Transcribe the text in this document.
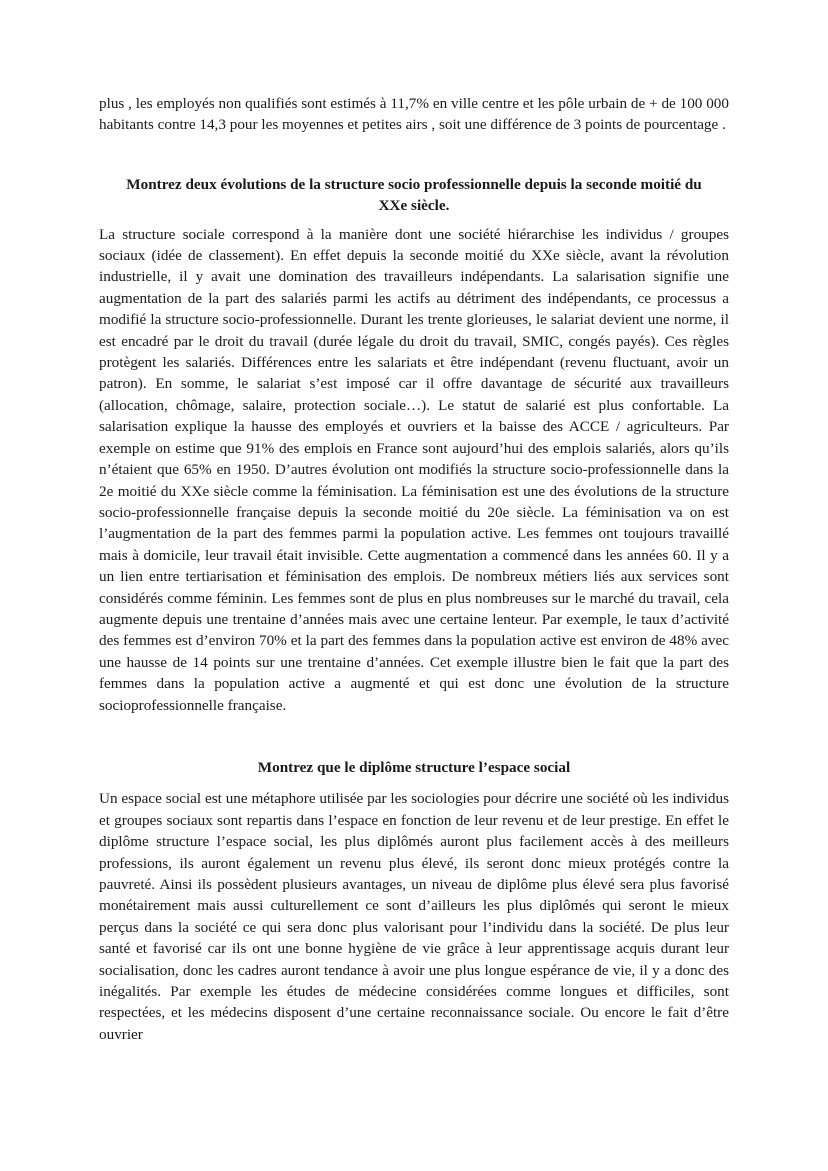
plus , les employés non qualifiés sont estimés à 11,7% en ville centre et les pôle urbain de + de 100 000 habitants contre 14,3 pour les moyennes et petites airs , soit une différence de 3 points de pourcentage .

Montrez deux évolutions de la structure socio professionnelle depuis la seconde moitié du XXe siècle.

La structure sociale correspond à la manière dont une société hiérarchise les individus / groupes sociaux (idée de classement). En effet depuis la seconde moitié du XXe siècle, avant la révolution industrielle, il y avait une domination des travailleurs indépendants. La salarisation signifie une augmentation de la part des salariés parmi les actifs au détriment des indépendants, ce processus a modifié la structure socio-professionnelle. Durant les trente glorieuses, le salariat devient une norme, il est encadré par le droit du travail (durée légale du droit du travail, SMIC, congés payés). Ces règles protègent les salariés. Différences entre les salariats et être indépendant (revenu fluctuant, avoir un patron). En somme, le salariat s’est imposé car il offre davantage de sécurité aux travailleurs (allocation, chômage, salaire, protection sociale…). Le statut de salarié est plus confortable. La salarisation explique la hausse des employés et ouvriers et la baisse des ACCE / agriculteurs. Par exemple on estime que 91% des emplois en France sont aujourd’hui des emplois salariés, alors qu’ils n’étaient que 65% en 1950. D’autres évolution ont modifiés la structure socio-professionnelle dans la 2e moitié du XXe siècle comme la féminisation. La féminisation est une des évolutions de la structure socio-professionnelle française depuis la seconde moitié du 20e siècle. La féminisation va on est l’augmentation de la part des femmes parmi la population active. Les femmes ont toujours travaillé mais à domicile, leur travail était invisible. Cette augmentation a commencé dans les années 60. Il y a un lien entre tertiarisation et féminisation des emplois. De nombreux métiers liés aux services sont considérés comme féminin. Les femmes sont de plus en plus nombreuses sur le marché du travail, cela augmente depuis une trentaine d’années mais avec une certaine lenteur. Par exemple, le taux d’activité des femmes est d’environ 70% et la part des femmes dans la population active est environ de 48% avec une hausse de 14 points sur une trentaine d’années. Cet exemple illustre bien le fait que la part des femmes dans la population active a augmenté et qui est donc une évolution de la structure socioprofessionnelle française.

Montrez que le diplôme structure l’espace social

Un espace social est une métaphore utilisée par les sociologies pour décrire une société où les individus et groupes sociaux sont repartis dans l’espace en fonction de leur revenu et de leur prestige. En effet le diplôme structure l’espace social, les plus diplômés auront plus facilement accès à des meilleurs professions, ils auront également un revenu plus élevé, ils seront donc mieux protégés contre la pauvreté. Ainsi ils possèdent plusieurs avantages, un niveau de diplôme plus élevé sera plus favorisé monétairement mais aussi culturellement ce sont d’ailleurs les plus diplômés qui seront le mieux perçus dans la société ce qui sera donc plus valorisant pour l’individu dans la société. De plus leur santé et favorisé car ils ont une bonne hygiène de vie grâce à leur apprentissage acquis durant leur socialisation, donc les cadres auront tendance à avoir une plus longue espérance de vie, il y a donc des inégalités. Par exemple les études de médecine considérées comme longues et difficiles, sont respectées, et les médecins disposent d’une certaine reconnaissance sociale. Ou encore le fait d’être ouvrier
